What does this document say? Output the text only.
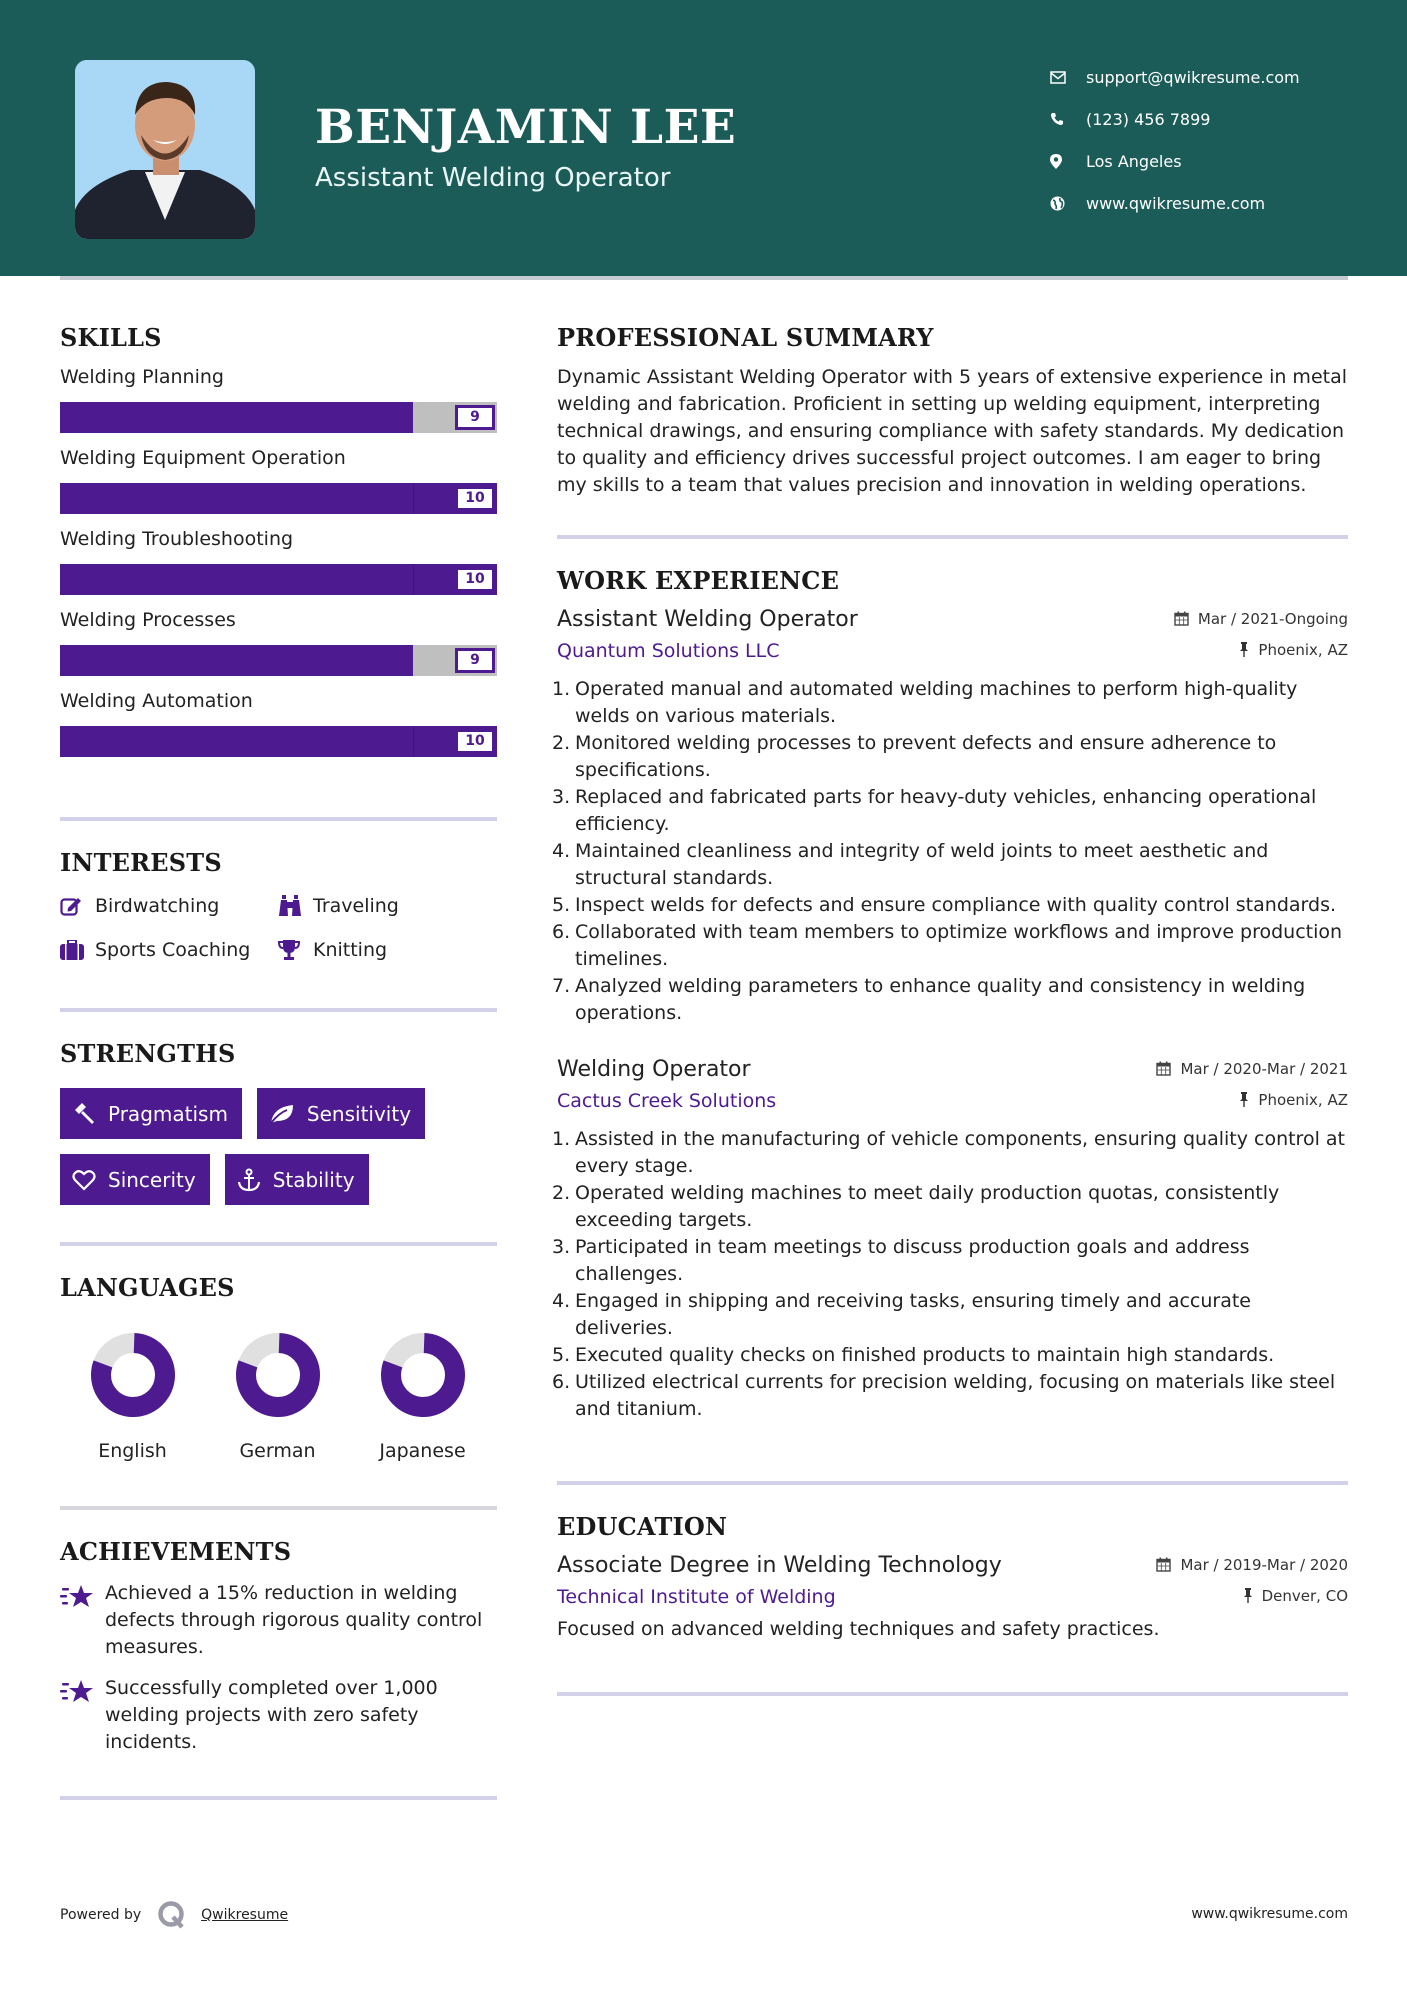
BENJAMIN LEE
Assistant Welding Operator
support@qwikresume.com
(123) 456 7899
Los Angeles
www.qwikresume.com
SKILLS
Welding Planning
9
Welding Equipment Operation
10
Welding Troubleshooting
10
Welding Processes
9
Welding Automation
10
INTERESTS
Birdwatching	Traveling
Sports Coaching	Knitting
STRENGTHS
Pragmatism	Sensitivity
Sincerity	Stability
LANGUAGES
English	German	Japanese
ACHIEVEMENTS
Achieved a 15% reduction in welding defects through rigorous quality control measures.
Successfully completed over 1,000 welding projects with zero safety incidents.
PROFESSIONAL SUMMARY
Dynamic Assistant Welding Operator with 5 years of extensive experience in metal welding and fabrication. Proficient in setting up welding equipment, interpreting technical drawings, and ensuring compliance with safety standards. My dedication to quality and efficiency drives successful project outcomes. I am eager to bring my skills to a team that values precision and innovation in welding operations.
WORK EXPERIENCE
Assistant Welding Operator	Mar / 2021-Ongoing
Quantum Solutions LLC	Phoenix, AZ
1. Operated manual and automated welding machines to perform high-quality welds on various materials.
2. Monitored welding processes to prevent defects and ensure adherence to specifications.
3. Replaced and fabricated parts for heavy-duty vehicles, enhancing operational efficiency.
4. Maintained cleanliness and integrity of weld joints to meet aesthetic and structural standards.
5. Inspect welds for defects and ensure compliance with quality control standards.
6. Collaborated with team members to optimize workflows and improve production timelines.
7. Analyzed welding parameters to enhance quality and consistency in welding operations.
Welding Operator	Mar / 2020-Mar / 2021
Cactus Creek Solutions	Phoenix, AZ
1. Assisted in the manufacturing of vehicle components, ensuring quality control at every stage.
2. Operated welding machines to meet daily production quotas, consistently exceeding targets.
3. Participated in team meetings to discuss production goals and address challenges.
4. Engaged in shipping and receiving tasks, ensuring timely and accurate deliveries.
5. Executed quality checks on finished products to maintain high standards.
6. Utilized electrical currents for precision welding, focusing on materials like steel and titanium.
EDUCATION
Associate Degree in Welding Technology	Mar / 2019-Mar / 2020
Technical Institute of Welding	Denver, CO
Focused on advanced welding techniques and safety practices.
Powered by	Qwikresume	www.qwikresume.com
